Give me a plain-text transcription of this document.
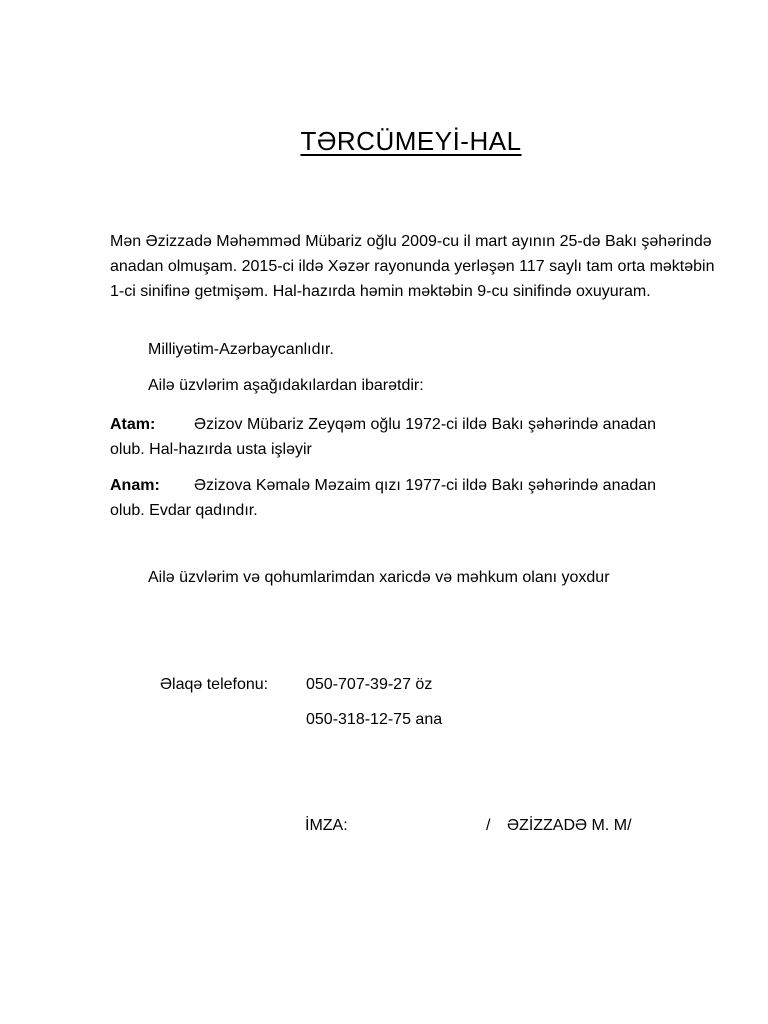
TƏRCÜMEYİ-HAL

Mən Əzizzadə Məhəmməd Mübariz oğlu 2009-cu il mart ayının 25-də Bakı şəhərində anadan olmuşam. 2015-ci ildə Xəzər rayonunda yerləşən 117 saylı tam orta məktəbin 1-ci sinifinə getmişəm. Hal-hazırda həmin məktəbin 9-cu sinifində oxuyuram.

Milliyətim-Azərbaycanlıdır.
Ailə üzvlərim aşağıdakılardan ibarətdir:

Atam: Əzizov Mübariz Zeyqəm oğlu 1972-ci ildə Bakı şəhərində anadan olub. Hal-hazırda usta işləyir

Anam: Əzizova Kəmalə Məzaim qızı 1977-ci ildə Bakı şəhərində anadan olub. Evdar qadındır.

Ailə üzvlərim və qohumlarimdan xaricdə və məhkum olanı yoxdur
Əlaqə telefonu: 050-707-39-27 öz
050-318-12-75 ana
İMZA:	/ ƏZİZZADƏ M. M/
